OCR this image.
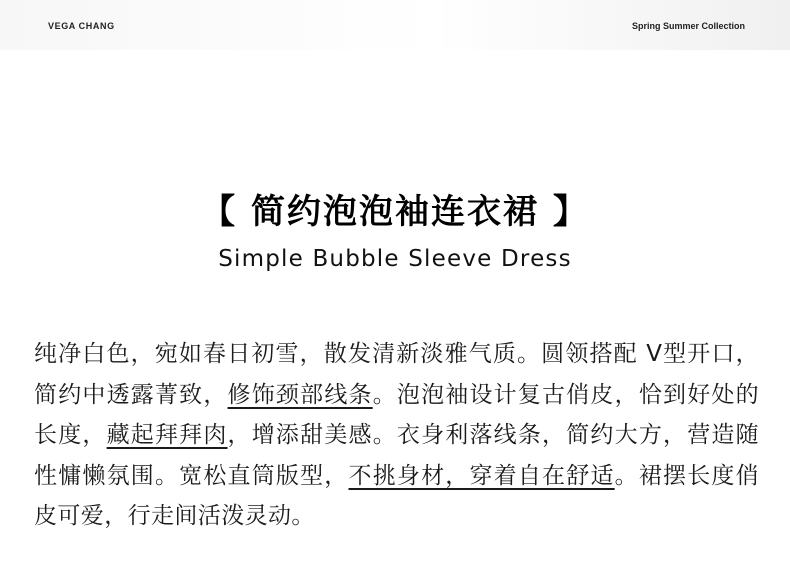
VEGA CHANG	Spring Summer Collection
【 简约泡泡袖连衣裙 】
Simple Bubble Sleeve Dress
纯净白色，宛如春日初雪，散发清新淡雅气质。圆领搭配 V型开口，简约中透露菁致，修饰颈部线条。泡泡袖设计复古俏皮，恰到好处的长度，藏起拜拜肉，增添甜美感。衣身利落线条，简约大方，营造随性慵懒氛围。宽松直筒版型，不挑身材，穿着自在舒适。裙摆长度俏皮可爱，行走间活泼灵动。
